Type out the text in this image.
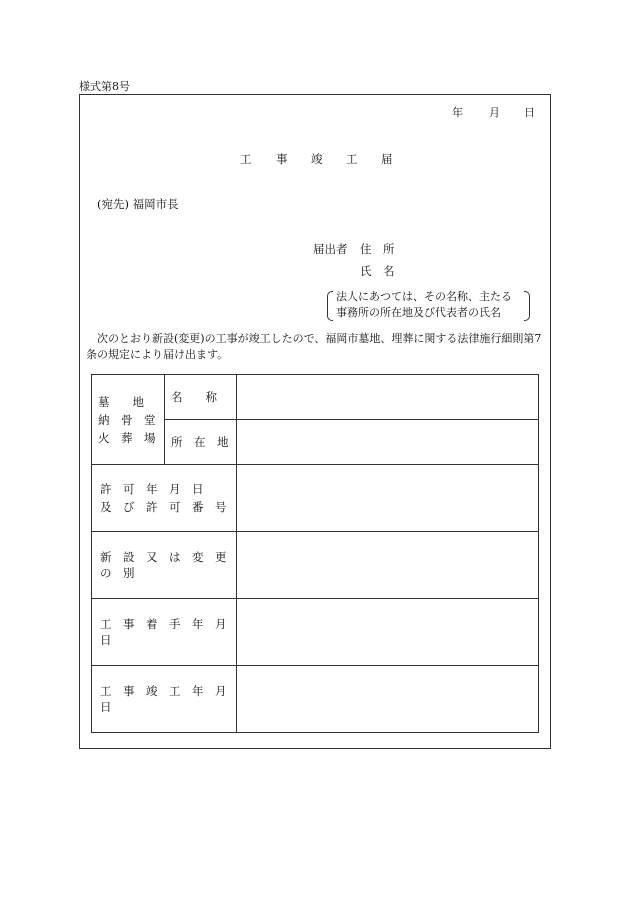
様式第8号
年 月 日
工 事 竣 工 届
(宛先) 福岡市長
届出者 住　所
氏　名
法人にあつては、その名称、主たる
事務所の所在地及び代表者の氏名
次のとおり新設(変更)の工事が竣工したので、福岡市墓地、埋葬に関する法律施行細則第7条の規定により届け出ます。
墓　　地
納　骨　堂
火　葬　場	名　　称	

	所　在　地	

許　可　年　月　日
及　び　許　可　番　号		

新　設　又　は　変　更　の　別		

工　事　着　手　年　月　日		

工　事　竣　工　年　月　日		
